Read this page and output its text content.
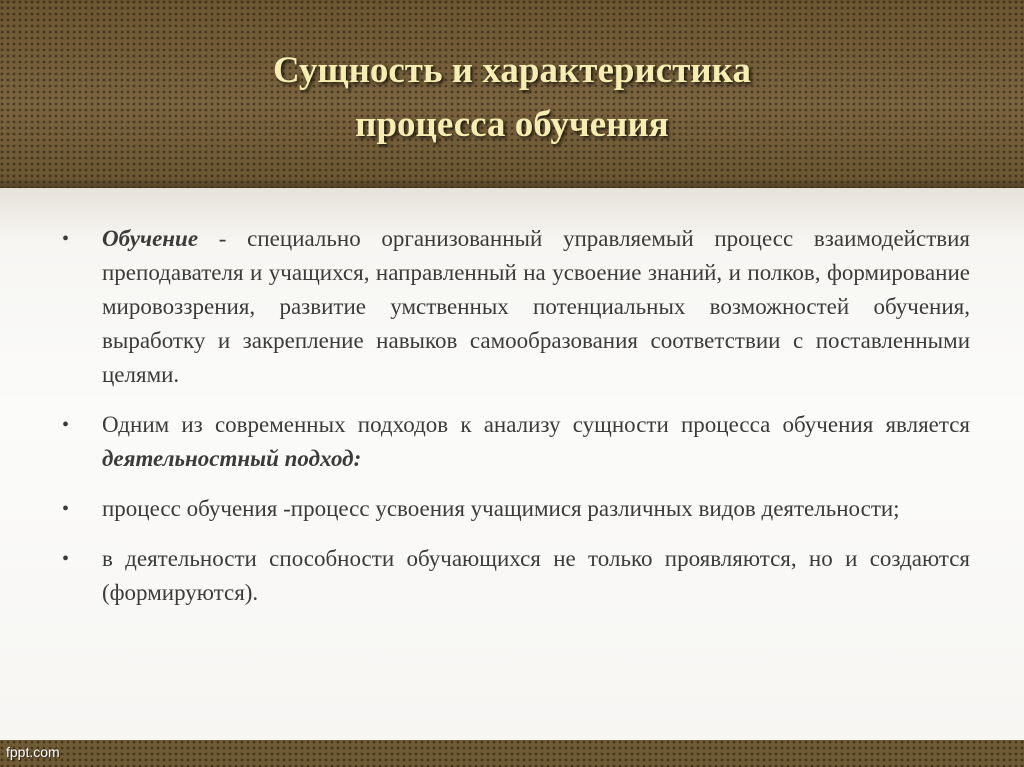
Сущность и характеристика
процесса обучения
•	Обучение - специально организованный управляемый процесс взаимодействия преподавателя и учащихся, направленный на усвоение знаний, и полков, формирование мировоззрения, развитие умственных потенциальных возможностей обучения, выработку и закрепление навыков самообразования соответствии с поставленными целями.
•	Одним из современных подходов к анализу сущности процесса обучения является деятельностный подход:
•	процесс обучения -процесс усвоения учащимися различных видов деятельности;
•	в деятельности способности обучающихся не только проявляются, но и создаются (формируются).
fppt.com
